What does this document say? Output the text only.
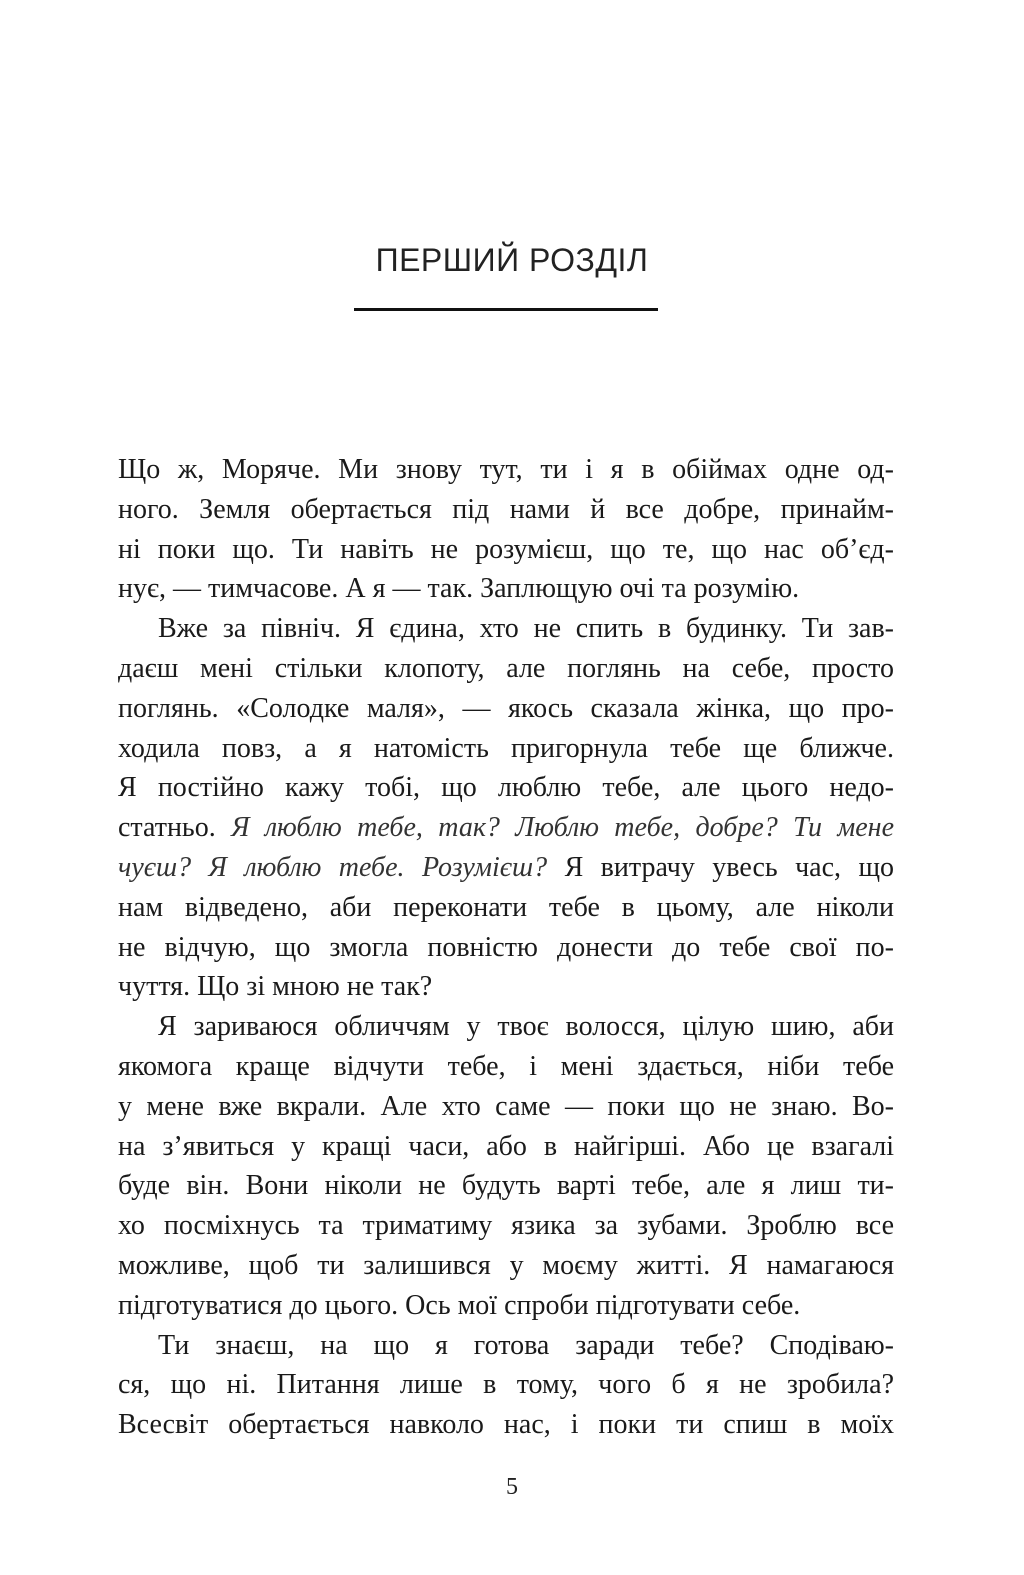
ПЕРШИЙ РОЗДІЛ
Що ж, Моряче. Ми знову тут, ти і я в обіймах одне од-
ного. Земля обертається під нами й все добре, принайм-
ні поки що. Ти навіть не розумієш, що те, що нас об’єд-
нує, — тимчасове. А я — так. Заплющую очі та розумію.
Вже за північ. Я єдина, хто не спить в будинку. Ти зав-
даєш мені стільки клопоту, але поглянь на себе, просто
поглянь. «Солодке маля», — якось сказала жінка, що про-
ходила повз, а я натомість пригорнула тебе ще ближче.
Я постійно кажу тобі, що люблю тебе, але цього недо-
статньо. Я люблю тебе, так? Люблю тебе, добре? Ти мене
чуєш? Я люблю тебе. Розумієш? Я витрачу увесь час, що
нам відведено, аби переконати тебе в цьому, але ніколи
не відчую, що змогла повністю донести до тебе свої по-
чуття. Що зі мною не так?
Я зариваюся обличчям у твоє волосся, цілую шию, аби
якомога краще відчути тебе, і мені здається, ніби тебе
у мене вже вкрали. Але хто саме — поки що не знаю. Во-
на з’явиться у кращі часи, або в найгірші. Або це взагалі
буде він. Вони ніколи не будуть варті тебе, але я лиш ти-
хо посміхнусь та триматиму язика за зубами. Зроблю все
можливе, щоб ти залишився у моєму житті. Я намагаюся
підготуватися до цього. Ось мої спроби підготувати себе.
Ти знаєш, на що я готова заради тебе? Сподіваю-
ся, що ні. Питання лише в тому, чого б я не зробила?
Всесвіт обертається навколо нас, і поки ти спиш в моїх
5
